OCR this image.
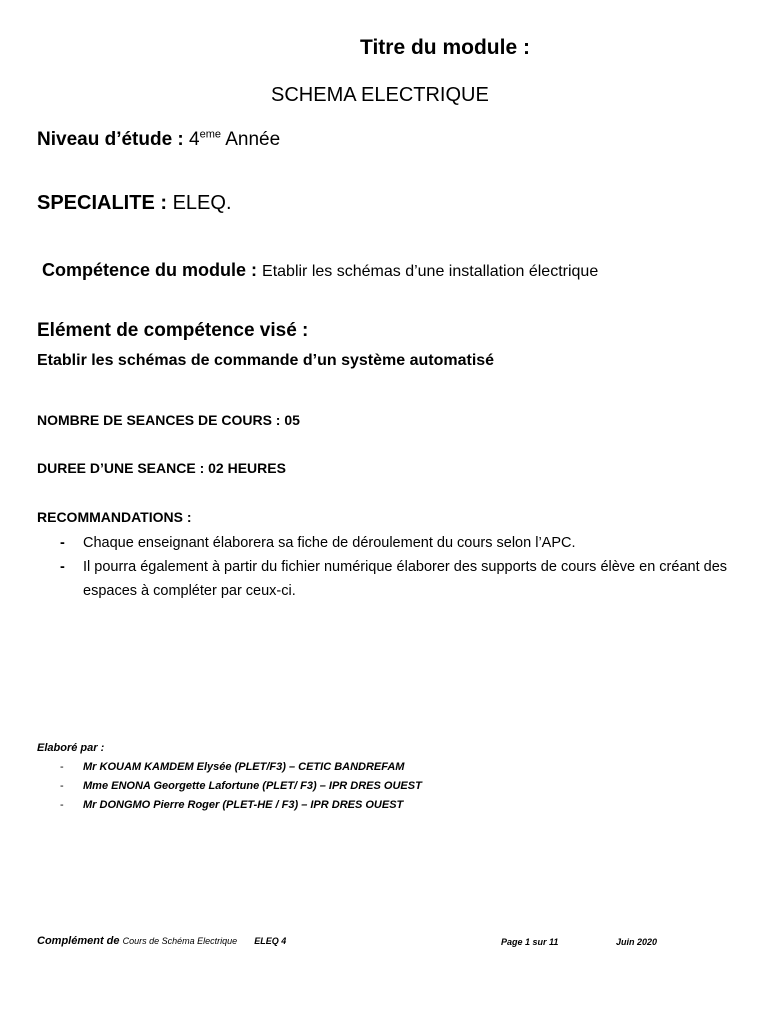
Titre du module :
SCHEMA ELECTRIQUE
Niveau d’étude : 4eme Année
SPECIALITE : ELEQ.
Compétence du module : Etablir les schémas d’une installation électrique
Elément de compétence visé :
Etablir les schémas de commande d’un système automatisé
NOMBRE DE SEANCES DE COURS : 05
DUREE D’UNE SEANCE : 02 HEURES
RECOMMANDATIONS :
-	Chaque enseignant élaborera sa fiche de déroulement du cours selon l’APC.
-	Il pourra également à partir du fichier numérique élaborer des supports de cours élève en créant des espaces à compléter par ceux-ci.
Elaboré par :
- Mr KOUAM KAMDEM Elysée (PLET/F3) – CETIC BANDREFAM
- Mme ENONA Georgette Lafortune (PLET/ F3) – IPR DRES OUEST
- Mr DONGMO Pierre Roger (PLET-HE / F3) – IPR DRES OUEST
Complément de Cours de Schéma Electrique ELEQ 4	Page 1 sur 11	Juin 2020
